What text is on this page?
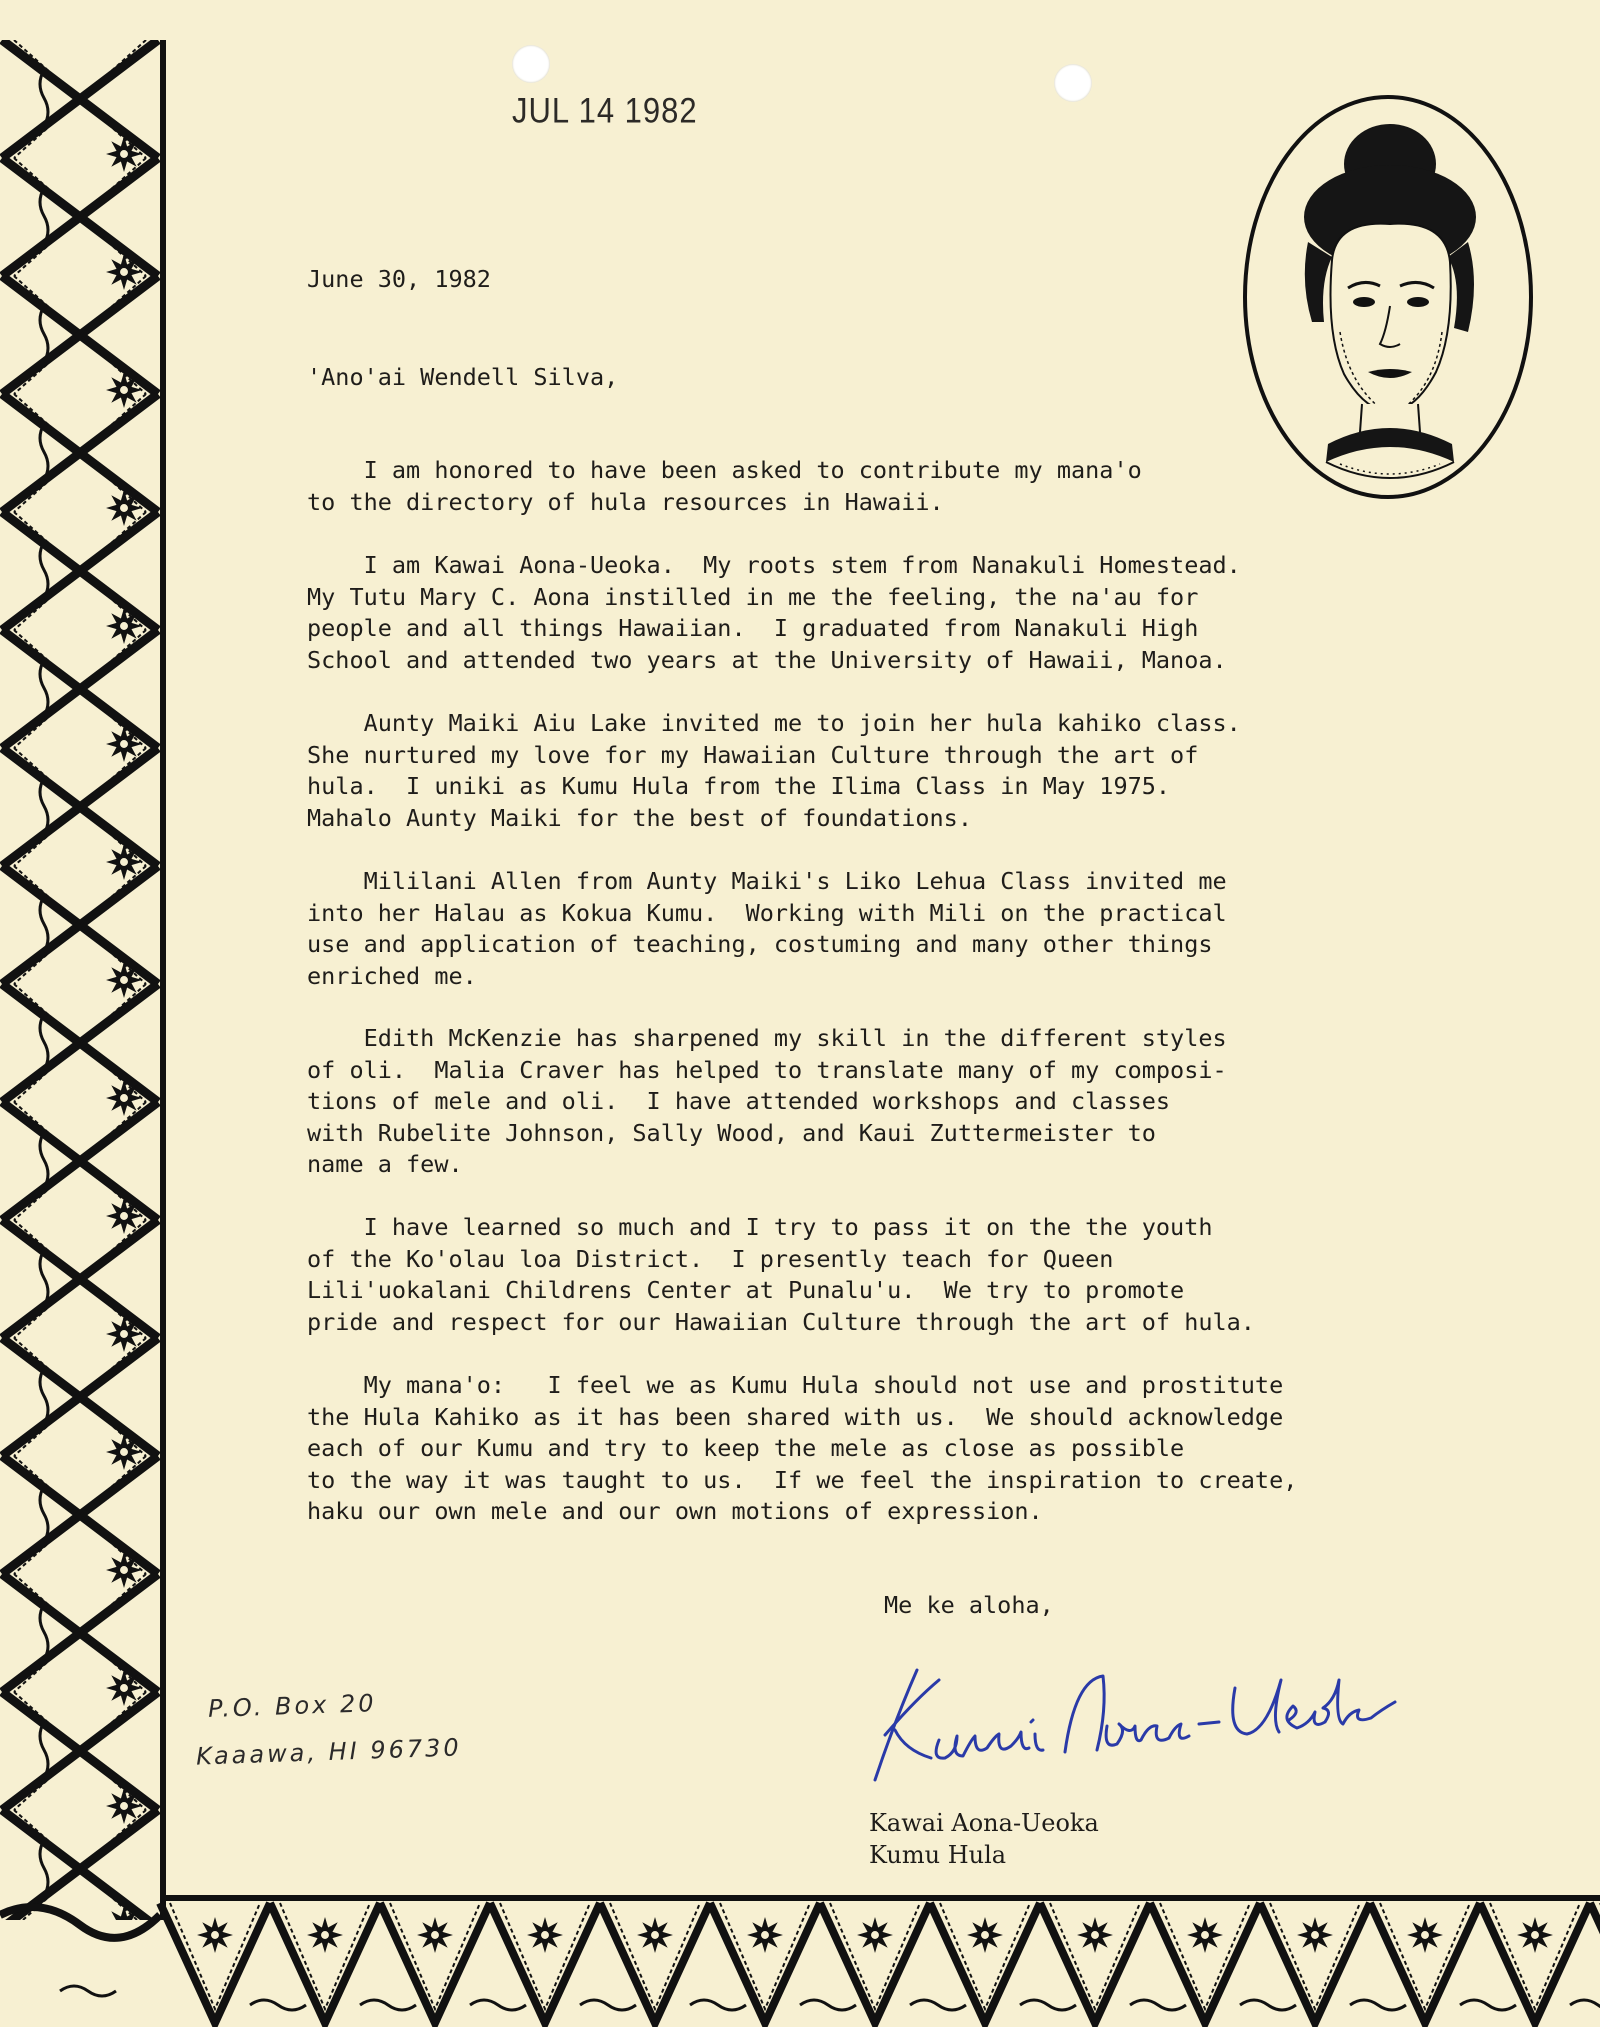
JUL 14 1982
June 30, 1982
'Ano'ai Wendell Silva,

I am honored to have been asked to contribute my mana'o
to the directory of hula resources in Hawaii.

I am Kawai Aona-Ueoka.  My roots stem from Nanakuli Homestead.
My Tutu Mary C. Aona instilled in me the feeling, the na'au for
people and all things Hawaiian.  I graduated from Nanakuli High
School and attended two years at the University of Hawaii, Manoa.

Aunty Maiki Aiu Lake invited me to join her hula kahiko class.
She nurtured my love for my Hawaiian Culture through the art of
hula.  I uniki as Kumu Hula from the Ilima Class in May 1975.
Mahalo Aunty Maiki for the best of foundations.

Mililani Allen from Aunty Maiki's Liko Lehua Class invited me
into her Halau as Kokua Kumu.  Working with Mili on the practical
use and application of teaching, costuming and many other things
enriched me.

Edith McKenzie has sharpened my skill in the different styles
of oli.  Malia Craver has helped to translate many of my composi-
tions of mele and oli.  I have attended workshops and classes
with Rubelite Johnson, Sally Wood, and Kaui Zuttermeister to
name a few.

I have learned so much and I try to pass it on the the youth
of the Ko'olau loa District.  I presently teach for Queen
Lili'uokalani Childrens Center at Punalu'u.  We try to promote
pride and respect for our Hawaiian Culture through the art of hula.

My mana'o:   I feel we as Kumu Hula should not use and prostitute
the Hula Kahiko as it has been shared with us.  We should acknowledge
each of our Kumu and try to keep the mele as close as possible
to the way it was taught to us.  If we feel the inspiration to create,
haku our own mele and our own motions of expression.

Me ke aloha,
Kawai Aona-Ueoka
Kumu Hula
P.O. Box 20
Kaaawa, HI 96730
